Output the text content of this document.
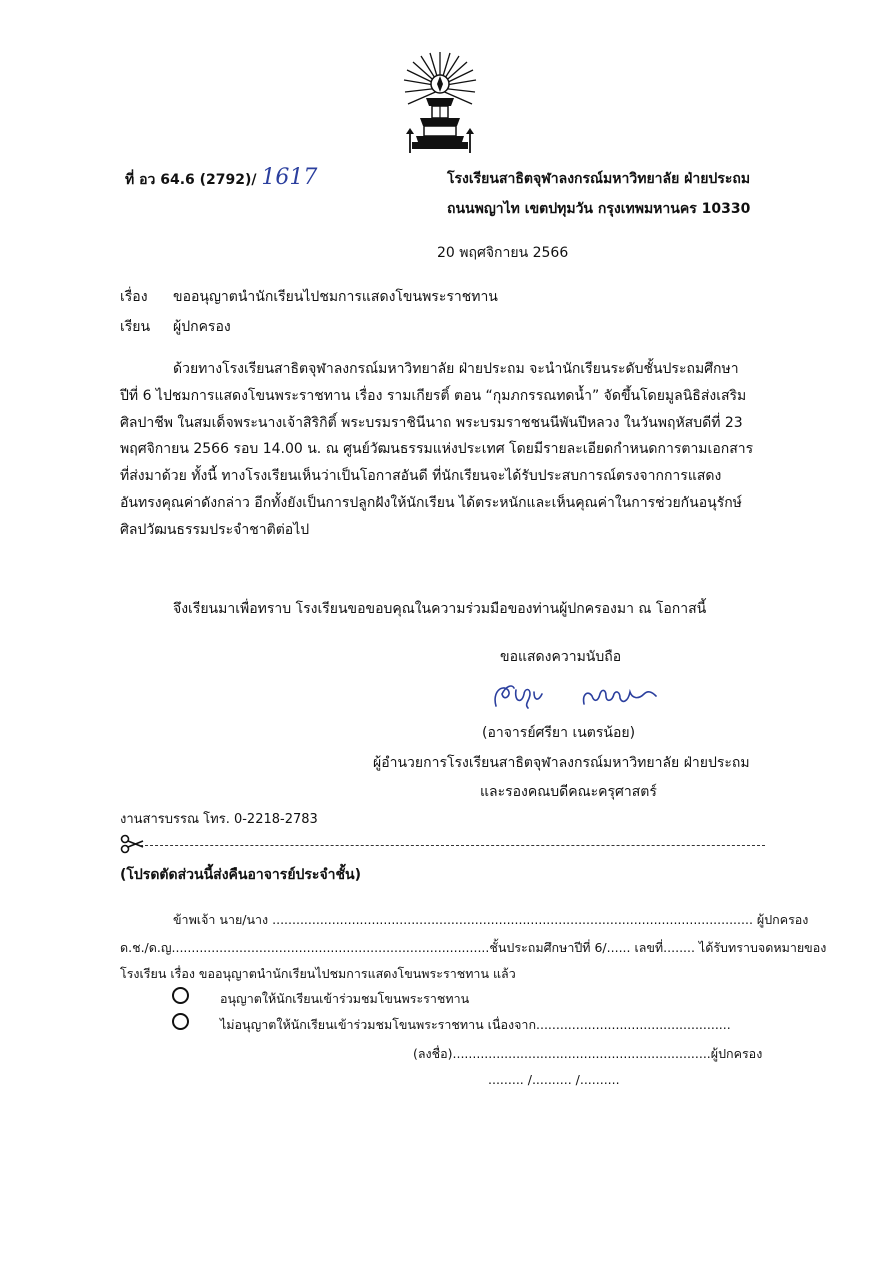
ที่ อว 64.6 (2792)/ 1617	โรงเรียนสาธิตจุฬาลงกรณ์มหาวิทยาลัย ฝ่ายประถม
ถนนพญาไท เขตปทุมวัน กรุงเทพมหานคร 10330
20 พฤศจิกายน 2566
เรื่อง ขออนุญาตนำนักเรียนไปชมการแสดงโขนพระราชทาน
เรียน ผู้ปกครอง
ด้วยทางโรงเรียนสาธิตจุฬาลงกรณ์มหาวิทยาลัย ฝ่ายประถม จะนำนักเรียนระดับชั้นประถมศึกษา
ปีที่ 6 ไปชมการแสดงโขนพระราชทาน เรื่อง รามเกียรติ์ ตอน “กุมภกรรณทดน้ำ” จัดขึ้นโดยมูลนิธิส่งเสริม
ศิลปาชีพ ในสมเด็จพระนางเจ้าสิริกิติ์ พระบรมราชินีนาถ พระบรมราชชนนีพันปีหลวง ในวันพฤหัสบดีที่ 23
พฤศจิกายน 2566 รอบ 14.00 น. ณ ศูนย์วัฒนธรรมแห่งประเทศ โดยมีรายละเอียดกำหนดการตามเอกสาร
ที่ส่งมาด้วย ทั้งนี้ ทางโรงเรียนเห็นว่าเป็นโอกาสอันดี ที่นักเรียนจะได้รับประสบการณ์ตรงจากการแสดง
อันทรงคุณค่าดังกล่าว อีกทั้งยังเป็นการปลูกฝังให้นักเรียน ได้ตระหนักและเห็นคุณค่าในการช่วยกันอนุรักษ์
ศิลปวัฒนธรรมประจำชาติต่อไป
จึงเรียนมาเพื่อทราบ โรงเรียนขอขอบคุณในความร่วมมือของท่านผู้ปกครองมา ณ โอกาสนี้
ขอแสดงความนับถือ
(อาจารย์ศรียา เนตรน้อย)
ผู้อำนวยการโรงเรียนสาธิตจุฬาลงกรณ์มหาวิทยาลัย ฝ่ายประถม
และรองคณบดีคณะครุศาสตร์
งานสารบรรณ โทร. 0-2218-2783
(โปรดตัดส่วนนี้ส่งคืนอาจารย์ประจำชั้น)
ข้าพเจ้า นาย/นาง ......................................................................................................................... ผู้ปกครอง
ด.ช./ด.ญ................................................................................ชั้นประถมศึกษาปีที่ 6/...... เลขที่........ ได้รับทราบจดหมายของ
โรงเรียน เรื่อง ขออนุญาตนำนักเรียนไปชมการแสดงโขนพระราชทาน แล้ว
อนุญาตให้นักเรียนเข้าร่วมชมโขนพระราชทาน
ไม่อนุญาตให้นักเรียนเข้าร่วมชมโขนพระราชทาน เนื่องจาก.................................................
(ลงชื่อ).................................................................ผู้ปกครอง
......... /.......... /..........
